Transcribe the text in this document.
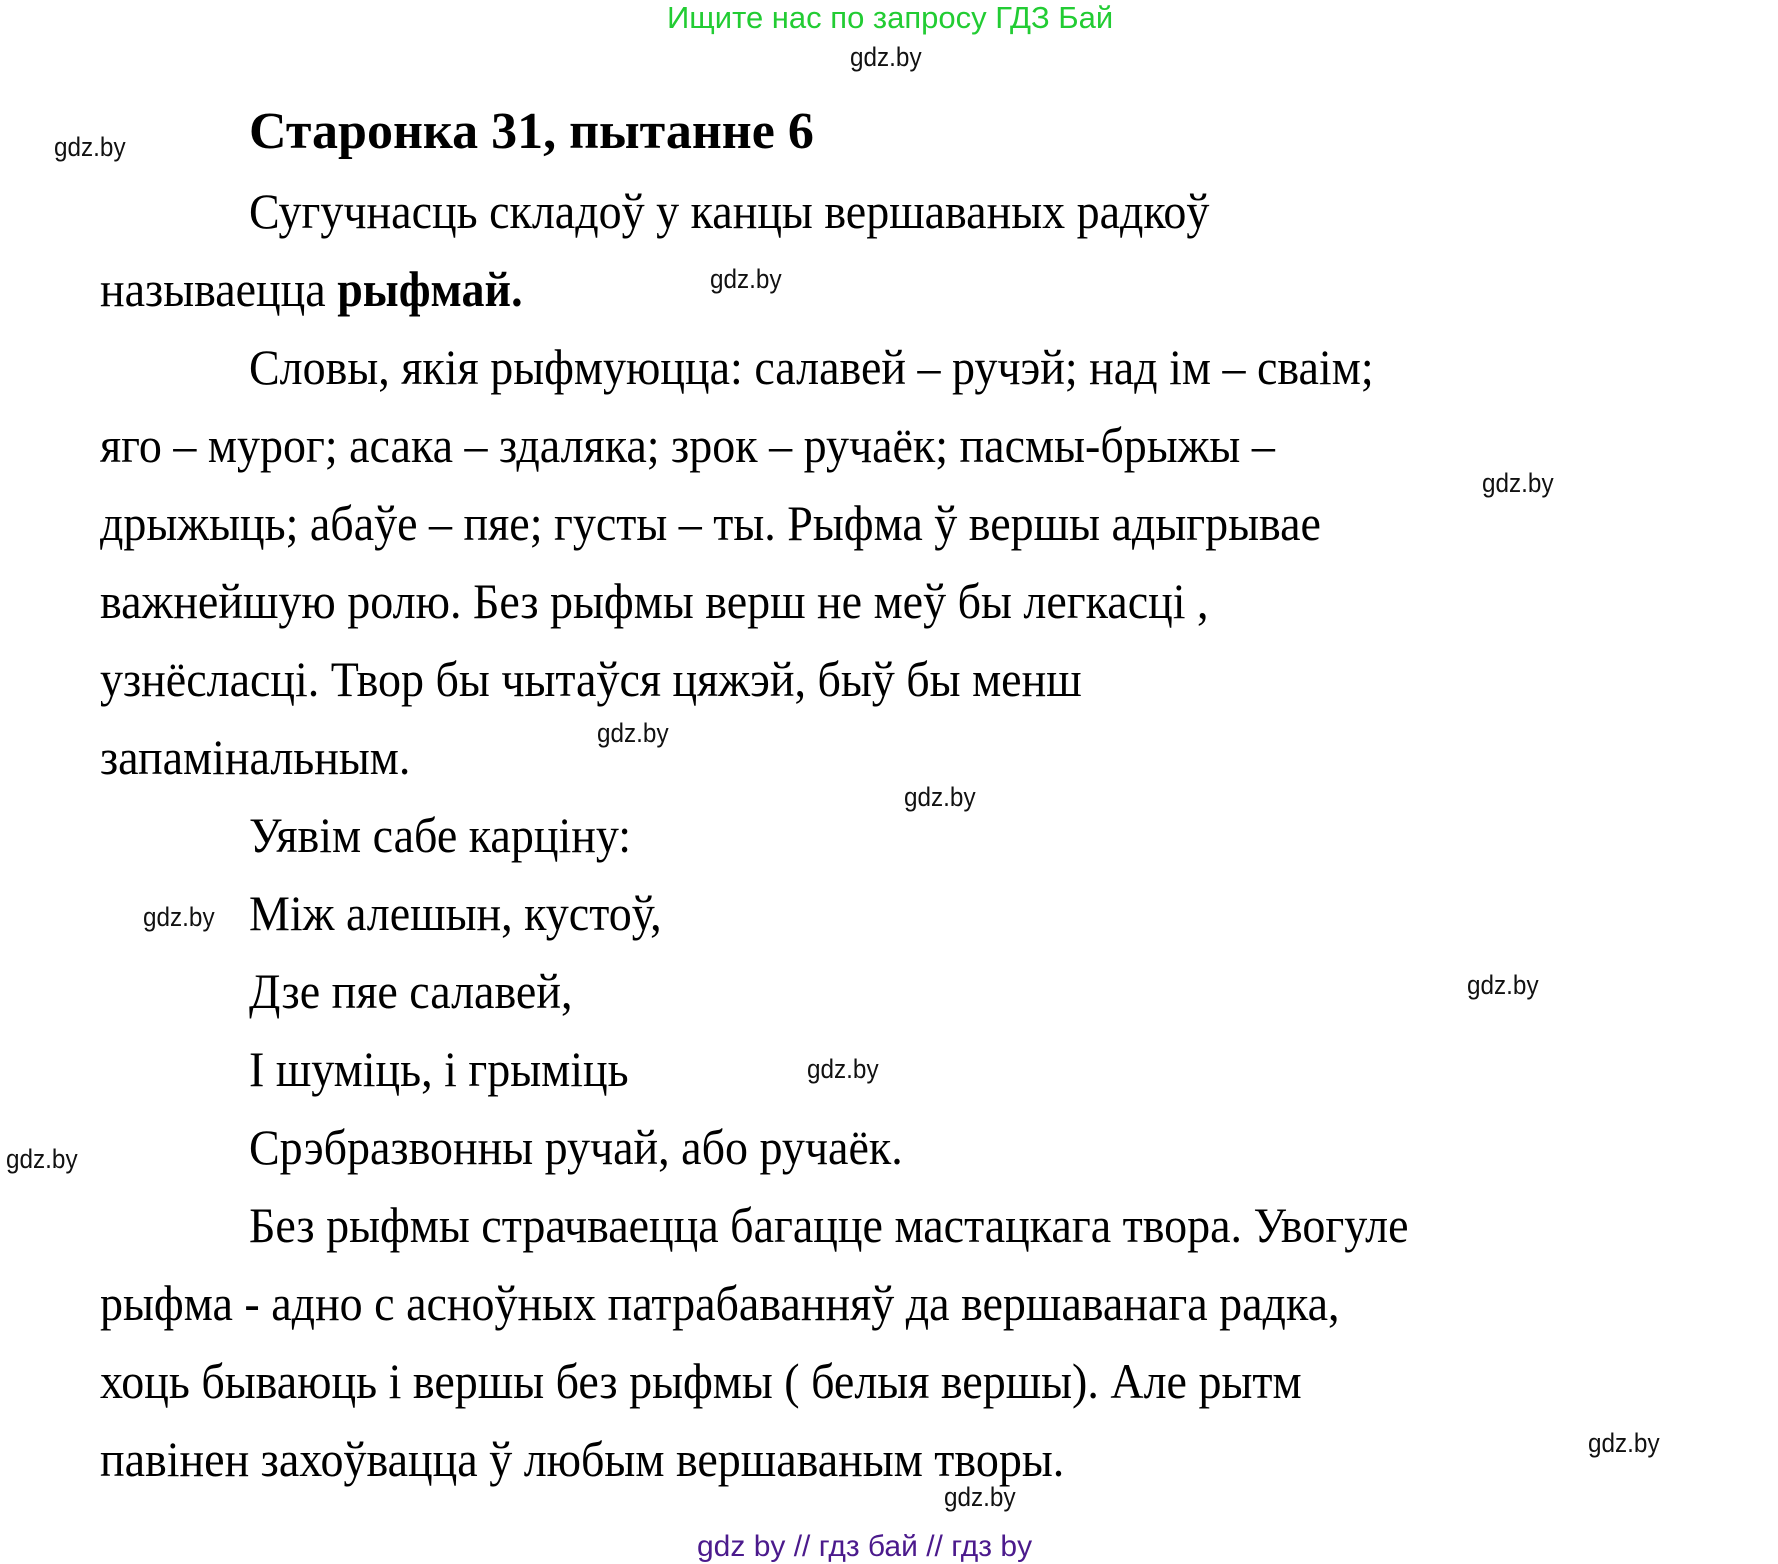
Ищите нас по запросу ГДЗ Бай
gdz.by
Старонка 31, пытанне 6
gdz.by
Сугучнасць складоў у канцы вершаваных радкоў
называецца рыфмай.	gdz.by
Словы, якія рыфмуюцца: салавей – ручэй; над ім – сваім;
яго – мурог; асака – здаляка; зрок – ручаёк; пасмы-брыжы –
gdz.by
дрыжыць; абаўе – пяе; густы – ты. Рыфма ў вершы адыгрывае
важнейшую ролю. Без рыфмы верш не меў бы легкасці ,
узнёсласці. Твор бы чытаўся цяжэй, быў бы менш
gdz.by
запамінальным.
gdz.by
Уявім сабе карціну:
gdz.by Між алешын, кустоў,
Дзе пяе салавей,	gdz.by
І шуміць, і грыміць	gdz.by
Срэбразвонны ручай, або ручаёк.
gdz.by
Без рыфмы страчваецца багацце мастацкага твора. Увогуле
рыфма - адно с асноўных патрабаванняў да вершаванага радка,
хоць бываюць і вершы без рыфмы ( белыя вершы). Але рытм
gdz.by
павінен захоўвацца ў любым вершаваным творы.
gdz.by
gdz by // гдз бай // гдз by
